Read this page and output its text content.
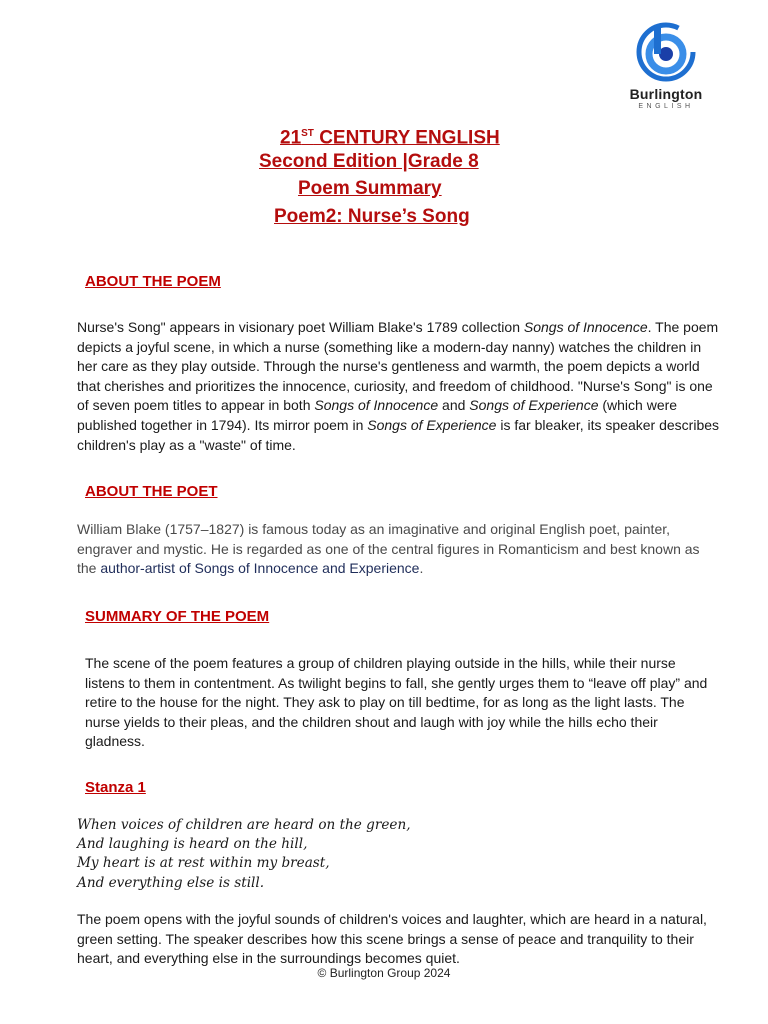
Burlington
ENGLISH
21ST CENTURY ENGLISH
Second Edition |Grade 8
Poem Summary
Poem2: Nurse’s Song
ABOUT THE POEM
Nurse's Song" appears in visionary poet William Blake's 1789 collection Songs of Innocence. The poem depicts a joyful scene, in which a nurse (something like a modern-day nanny) watches the children in her care as they play outside. Through the nurse's gentleness and warmth, the poem depicts a world that cherishes and prioritizes the innocence, curiosity, and freedom of childhood. "Nurse's Song" is one of seven poem titles to appear in both Songs of Innocence and Songs of Experience (which were published together in 1794). Its mirror poem in Songs of Experience is far bleaker, its speaker describes children's play as a "waste" of time.
ABOUT THE POET
William Blake (1757–1827) is famous today as an imaginative and original English poet, painter, engraver and mystic. He is regarded as one of the central figures in Romanticism and best known as the author-artist of Songs of Innocence and Experience.
SUMMARY OF THE POEM
The scene of the poem features a group of children playing outside in the hills, while their nurse listens to them in contentment. As twilight begins to fall, she gently urges them to “leave off play” and retire to the house for the night. They ask to play on till bedtime, for as long as the light lasts. The nurse yields to their pleas, and the children shout and laugh with joy while the hills echo their gladness.
Stanza 1
When voices of children are heard on the green,
And laughing is heard on the hill,
My heart is at rest within my breast,
And everything else is still.
The poem opens with the joyful sounds of children's voices and laughter, which are heard in a natural, green setting. The speaker describes how this scene brings a sense of peace and tranquility to their heart, and everything else in the surroundings becomes quiet.
© Burlington Group 2024
